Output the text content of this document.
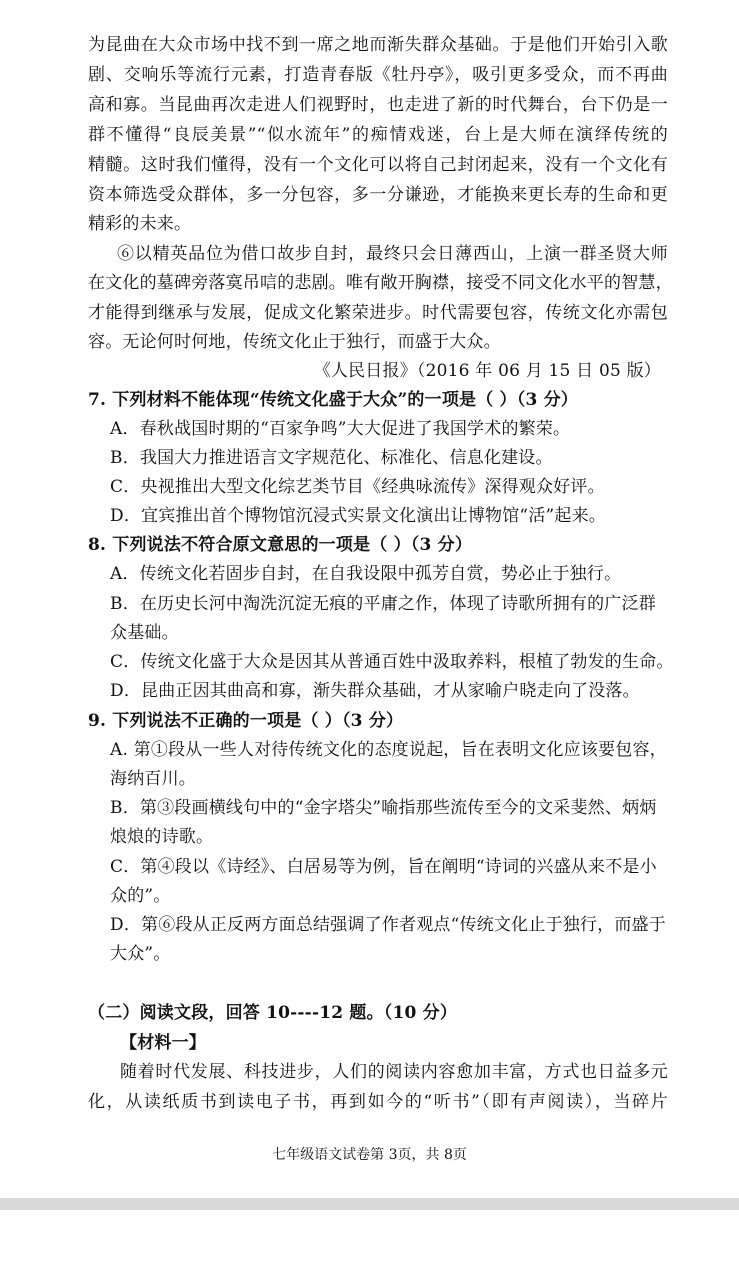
为昆曲在大众市场中找不到一席之地而渐失群众基础。于是他们开始引入歌
剧、交响乐等流行元素，打造青春版《牡丹亭》，吸引更多受众，而不再曲
高和寡。当昆曲再次走进人们视野时，也走进了新的时代舞台，台下仍是一
群不懂得“良辰美景”“似水流年”的痴情戏迷，台上是大师在演绎传统的
精髓。这时我们懂得，没有一个文化可以将自己封闭起来，没有一个文化有
资本筛选受众群体，多一分包容，多一分谦逊，才能换来更长寿的生命和更
精彩的未来。
⑥以精英品位为借口故步自封，最终只会日薄西山，上演一群圣贤大师
在文化的墓碑旁落寞吊唁的悲剧。唯有敞开胸襟，接受不同文化水平的智慧，
才能得到继承与发展，促成文化繁荣进步。时代需要包容，传统文化亦需包
容。无论何时何地，传统文化止于独行，而盛于大众。
《人民日报》（2016 年 06 月 15 日 05 版）
7. 下列材料不能体现“传统文化盛于大众”的一项是（ ）（3 分）
A．春秋战国时期的“百家争鸣”大大促进了我国学术的繁荣。
B．我国大力推进语言文字规范化、标准化、信息化建设。
C．央视推出大型文化综艺类节目《经典咏流传》深得观众好评。
D．宜宾推出首个博物馆沉浸式实景文化演出让博物馆“活”起来。
8. 下列说法不符合原文意思的一项是（ ）（3 分）
A．传统文化若固步自封，在自我设限中孤芳自赏，势必止于独行。
B．在历史长河中淘洗沉淀无痕的平庸之作，体现了诗歌所拥有的广泛群
众基础。
C．传统文化盛于大众是因其从普通百姓中汲取养料，根植了勃发的生命。
D．昆曲正因其曲高和寡，渐失群众基础，才从家喻户晓走向了没落。
9. 下列说法不正确的一项是（ ）（3 分）
A. 第①段从一些人对待传统文化的态度说起，旨在表明文化应该要包容，
海纳百川。
B．第③段画横线句中的“金字塔尖”喻指那些流传至今的文采斐然、炳炳
烺烺的诗歌。
C．第④段以《诗经》、白居易等为例，旨在阐明“诗词的兴盛从来不是小
众的”。
D．第⑥段从正反两方面总结强调了作者观点“传统文化止于独行，而盛于
大众”。
（二）阅读文段，回答 10----12 题。（10 分）
【材料一】
随着时代发展、科技进步，人们的阅读内容愈加丰富，方式也日益多元
化，从读纸质书到读电子书，再到如今的“听书”（即有声阅读），当碎片
七年级语文试卷第 3页，共 8页
